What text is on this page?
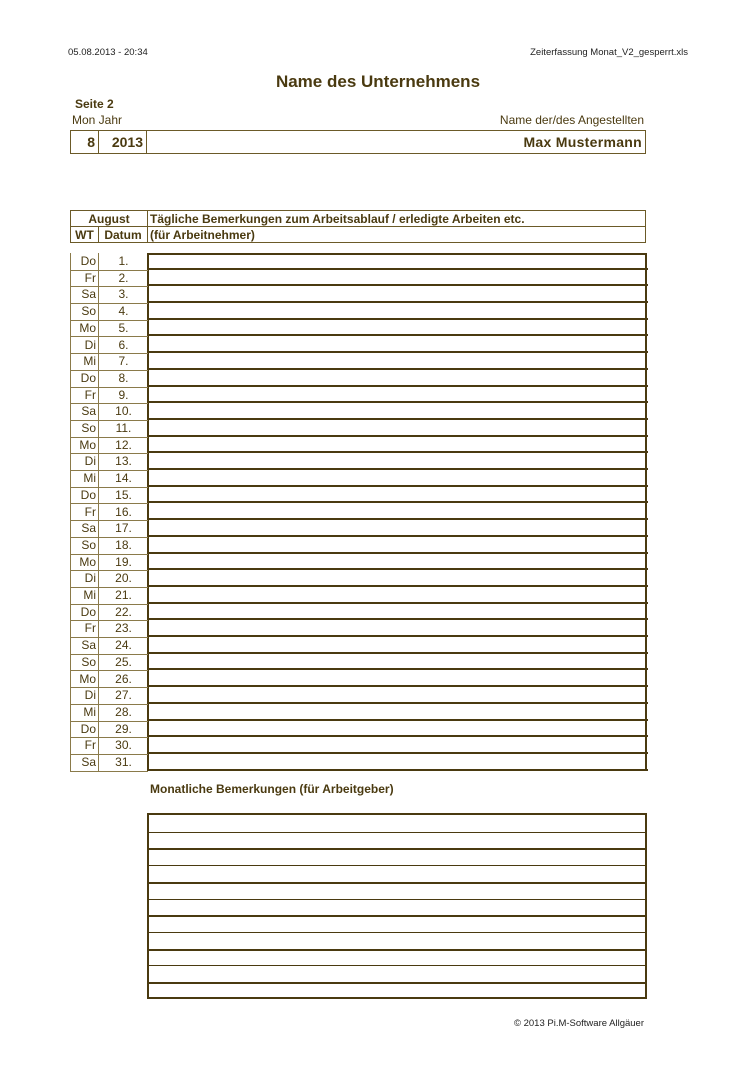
05.08.2013 - 20:34	Zeiterfassung Monat_V2_gesperrt.xls
Name des Unternehmens
Seite 2
Mon Jahr	Name der/des Angestellten
8	2013	Max Mustermann
August	Tägliche Bemerkungen zum Arbeitsablauf / erledigte Arbeiten etc.
WT Datum (für Arbeitnehmer)
Do	1.
Fr	2.
Sa	3.
So	4.
Mo	5.
Di	6.
Mi	7.
Do	8.
Fr	9.
Sa	10.
So	11.
Mo	12.
Di	13.
Mi	14.
Do	15.
Fr	16.
Sa	17.
So	18.
Mo	19.
Di	20.
Mi	21.
Do	22.
Fr	23.
Sa	24.
So	25.
Mo	26.
Di	27.
Mi	28.
Do	29.
Fr	30.
Sa	31.
Monatliche Bemerkungen (für Arbeitgeber)
© 2013 Pi.M-Software Allgäuer
